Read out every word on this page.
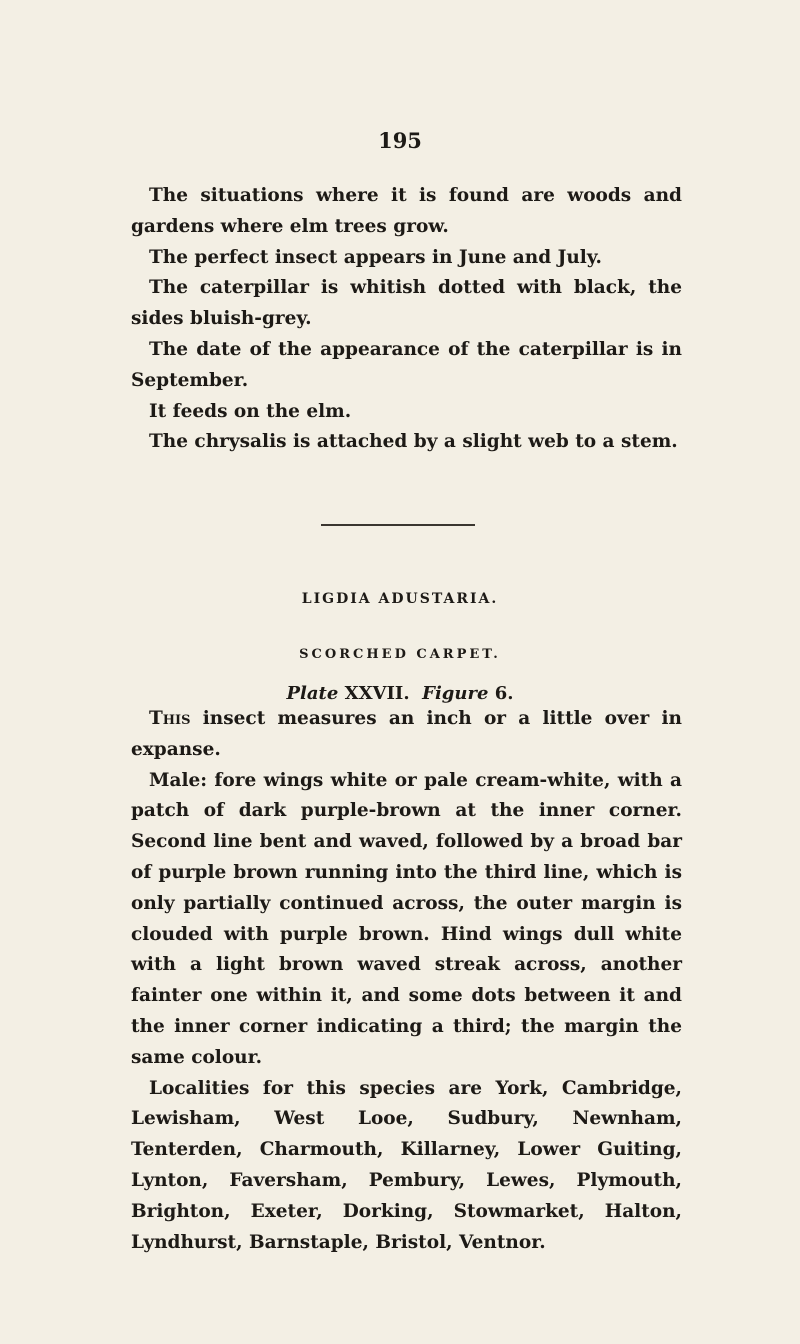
195

The situations where it is found are woods and gardens where elm trees grow.

The perfect insect appears in June and July.

The caterpillar is whitish dotted with black, the sides bluish-grey.

The date of the appearance of the caterpillar is in September.

It feeds on the elm.

The chrysalis is attached by a slight web to a stem.

LIGDIA ADUSTARIA.
SCORCHED CARPET.
Plate XXVII. Figure 6.

This insect measures an inch or a little over in expanse.

Male: fore wings white or pale cream-white, with a patch of dark purple-brown at the inner corner. Second line bent and waved, followed by a broad bar of purple brown running into the third line, which is only partially continued across, the outer margin is clouded with purple brown. Hind wings dull white with a light brown waved streak across, another fainter one within it, and some dots between it and the inner corner indicating a third; the margin the same colour.

Localities for this species are York, Cambridge, Lewisham, West Looe, Sudbury, Newnham, Tenterden, Charmouth, Killarney, Lower Guiting, Lynton, Faversham, Pembury, Lewes, Plymouth, Brighton, Exeter, Dorking, Stowmarket, Halton, Lyndhurst, Barnstaple, Bristol, Ventnor.
